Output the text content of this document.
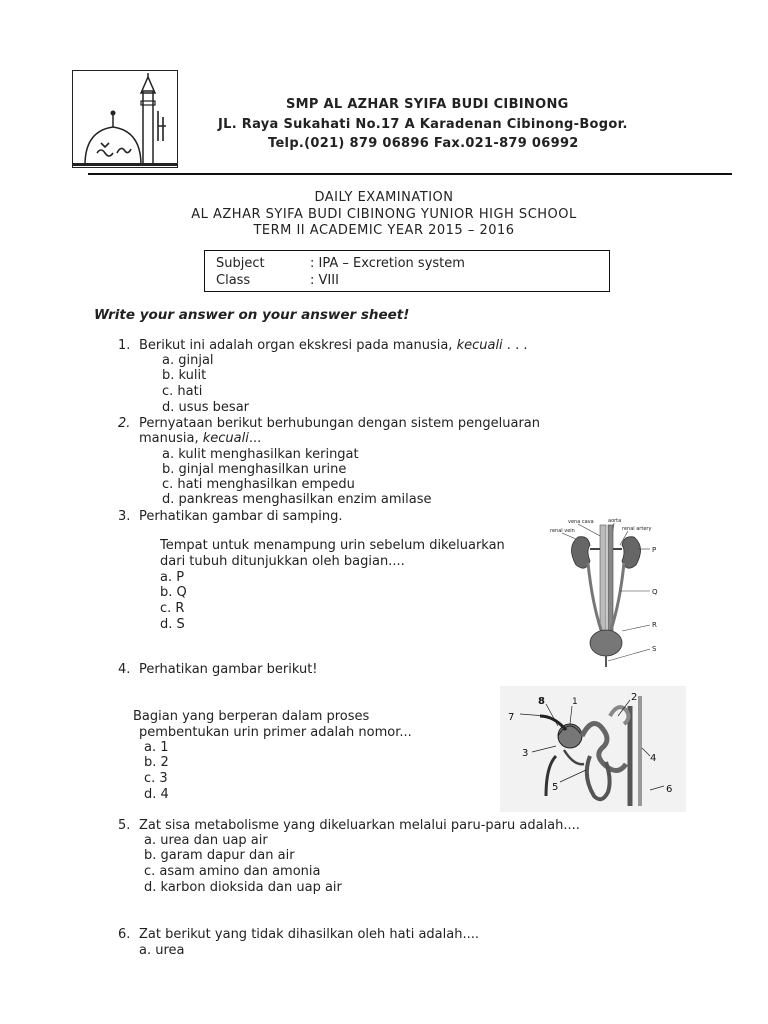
SMP AL AZHAR SYIFA BUDI CIBINONG
JL. Raya Sukahati No.17 A Karadenan Cibinong-Bogor.
Telp.(021) 879 06896 Fax.021-879 06992
DAILY EXAMINATION
AL AZHAR SYIFA BUDI CIBINONG YUNIOR HIGH SCHOOL
TERM II ACADEMIC YEAR 2015 – 2016
Subject	: IPA – Excretion system
Class	: VIII
Write your answer on your answer sheet!
1. Berikut ini adalah organ ekskresi pada manusia, kecuali . . .
a. ginjal
b. kulit
c. hati
d. usus besar
2. Pernyataan berikut berhubungan dengan sistem pengeluaran
manusia, kecuali...
a. kulit menghasilkan keringat
b. ginjal menghasilkan urine
c. hati menghasilkan empedu
d. pankreas menghasilkan enzim amilase
3. Perhatikan gambar di samping.
Tempat untuk menampung urin sebelum dikeluarkan
dari tubuh ditunjukkan oleh bagian....
a. P
b. Q
c. R
d. S
vena cava	aorta
renal vein	renal artery
P
Q
R
S
4. Perhatikan gambar berikut!
Bagian yang berperan dalam proses
pembentukan urin primer adalah nomor...
a. 1
b. 2
c. 3
d. 4
1	2
3	4
5	6
7
8
5. Zat sisa metabolisme yang dikeluarkan melalui paru-paru adalah....
a. urea dan uap air
b. garam dapur dan air
c. asam amino dan amonia
d. karbon dioksida dan uap air
6. Zat berikut yang tidak dihasilkan oleh hati adalah....
a. urea
